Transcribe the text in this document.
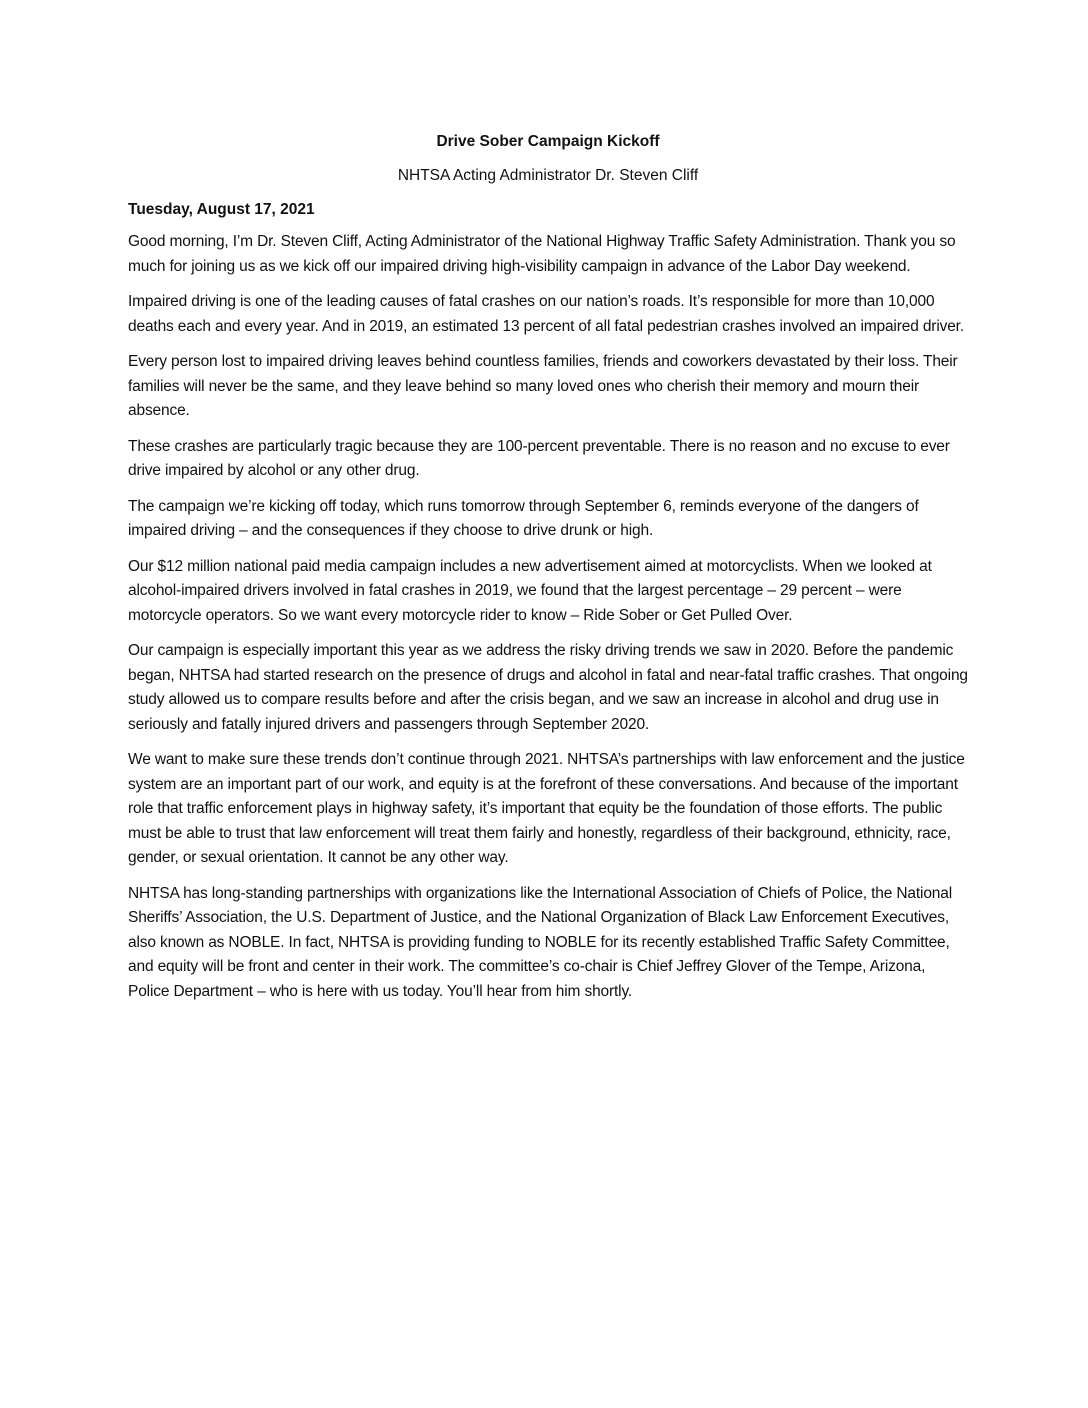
Drive Sober Campaign Kickoff
NHTSA Acting Administrator Dr. Steven Cliff
Tuesday, August 17, 2021

Good morning, I’m Dr. Steven Cliff, Acting Administrator of the National Highway Traffic Safety Administration. Thank you so much for joining us as we kick off our impaired driving high-visibility campaign in advance of the Labor Day weekend.

Impaired driving is one of the leading causes of fatal crashes on our nation’s roads. It’s responsible for more than 10,000 deaths each and every year. And in 2019, an estimated 13 percent of all fatal pedestrian crashes involved an impaired driver.

Every person lost to impaired driving leaves behind countless families, friends and coworkers devastated by their loss. Their families will never be the same, and they leave behind so many loved ones who cherish their memory and mourn their absence.

These crashes are particularly tragic because they are 100-percent preventable. There is no reason and no excuse to ever drive impaired by alcohol or any other drug.

The campaign we’re kicking off today, which runs tomorrow through September 6, reminds everyone of the dangers of impaired driving – and the consequences if they choose to drive drunk or high.

Our $12 million national paid media campaign includes a new advertisement aimed at motorcyclists. When we looked at alcohol-impaired drivers involved in fatal crashes in 2019, we found that the largest percentage – 29 percent – were motorcycle operators. So we want every motorcycle rider to know – Ride Sober or Get Pulled Over.

Our campaign is especially important this year as we address the risky driving trends we saw in 2020. Before the pandemic began, NHTSA had started research on the presence of drugs and alcohol in fatal and near-fatal traffic crashes. That ongoing study allowed us to compare results before and after the crisis began, and we saw an increase in alcohol and drug use in seriously and fatally injured drivers and passengers through September 2020.

We want to make sure these trends don’t continue through 2021. NHTSA’s partnerships with law enforcement and the justice system are an important part of our work, and equity is at the forefront of these conversations. And because of the important role that traffic enforcement plays in highway safety, it’s important that equity be the foundation of those efforts. The public must be able to trust that law enforcement will treat them fairly and honestly, regardless of their background, ethnicity, race, gender, or sexual orientation. It cannot be any other way.

NHTSA has long-standing partnerships with organizations like the International Association of Chiefs of Police, the National Sheriffs’ Association, the U.S. Department of Justice, and the National Organization of Black Law Enforcement Executives, also known as NOBLE. In fact, NHTSA is providing funding to NOBLE for its recently established Traffic Safety Committee, and equity will be front and center in their work. The committee’s co-chair is Chief Jeffrey Glover of the Tempe, Arizona, Police Department – who is here with us today. You’ll hear from him shortly.
